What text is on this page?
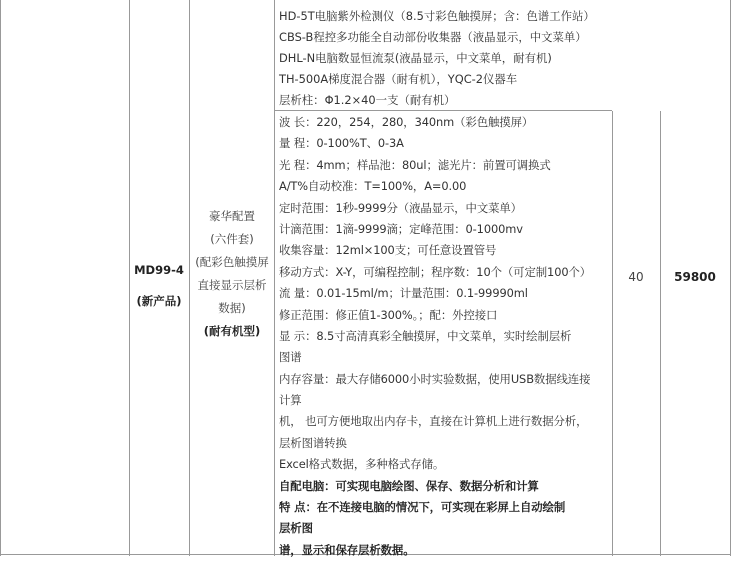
MD99-4
(新产品)
豪华配置
(六件套)
(配彩色触摸屏
直接显示层析
数据)
(耐有机型)
HD-5T电脑紫外检测仪（8.5寸彩色触摸屏；含：色谱工作站）
CBS-B程控多功能全自动部份收集器（液晶显示，中文菜单）
DHL-N电脑数显恒流泵(液晶显示，中文菜单，耐有机)
TH-500A梯度混合器（耐有机），YQC-2仪器车
层析柱：Φ1.2×40一支（耐有机）
波 长：220，254，280，340nm（彩色触摸屏）
量 程：0-100%T、0-3A
光 程：4mm；样品池：80ul；滤光片：前置可调换式
A/T%自动校准：T=100%，A=0.00
定时范围：1秒-9999分（液晶显示，中文菜单）
计滴范围：1滴-9999滴；定峰范围：0-1000mv
收集容量：12ml×100支；可任意设置管号
移动方式：X-Y，可编程控制；程序数：10个（可定制100个）
流 量：0.01-15ml/m；计量范围：0.1-99990ml
修正范围：修正值1-300%。；配：外控接口
显 示：8.5寸高清真彩全触摸屏，中文菜单，实时绘制层析
图谱
内存容量：最大存储6000小时实验数据，使用USB数据线连接
计算
机， 也可方便地取出内存卡，直接在计算机上进行数据分析，
层析图谱转换
Excel格式数据，多种格式存储。
自配电脑：可实现电脑绘图、保存、数据分析和计算
特 点：在不连接电脑的情况下，可实现在彩屏上自动绘制
层析图
谱，显示和保存层析数据。
40	59800
